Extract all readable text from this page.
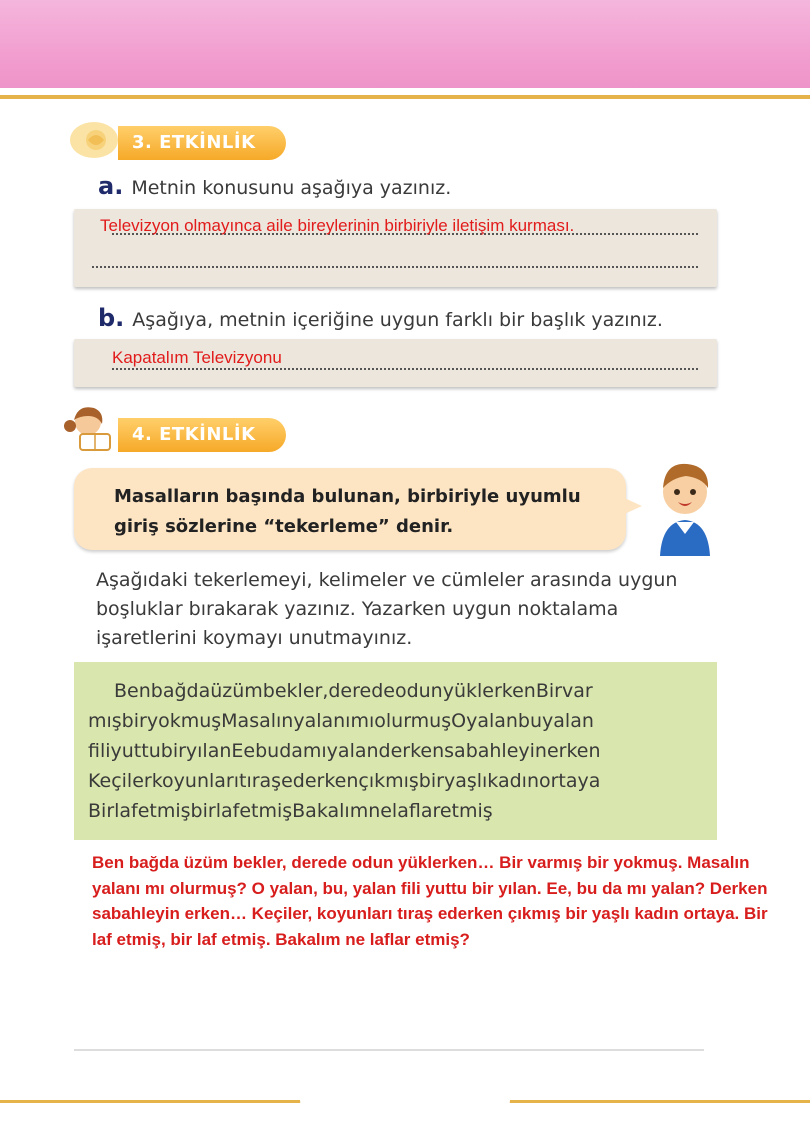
3. ETKİNLİK
a. Metnin konusunu aşağıya yazınız.
Televizyon olmayınca aile bireylerinin birbiriyle iletişim kurması.
b. Aşağıya, metnin içeriğine uygun farklı bir başlık yazınız.
Kapatalım Televizyonu
4. ETKİNLİK
Masalların başında bulunan, birbiriyle uyumlu giriş sözlerine “tekerleme” denir.
Aşağıdaki tekerlemeyi, kelimeler ve cümleler arasında uygun boşluklar bırakarak yazınız. Yazarken uygun noktalama işaretlerini koymayı unutmayınız.
Benbağdaüzümbekler,deredeodunyüklerkenBirvar
mışbiryokmuşMasalınyalanımıolurmuşOyalanbuyalan
filiyuttubiryılanEebudamıyalanderkensabahleyinerken
Keçilerkoyunlarıtıraşederkençıkmışbiryaşlıkadınortaya
BirlafetmişbirlafetmişBakalımnelaflaretmiş
Ben bağda üzüm bekler, derede odun yüklerken… Bir varmış bir yokmuş. Masalın yalanı mı olurmuş? O yalan, bu, yalan fili yuttu bir yılan. Ee, bu da mı yalan? Derken sabahleyin erken… Keçiler, koyunları tıraş ederken çıkmış bir yaşlı kadın ortaya. Bir laf etmiş, bir laf etmiş. Bakalım ne laflar etmiş?
